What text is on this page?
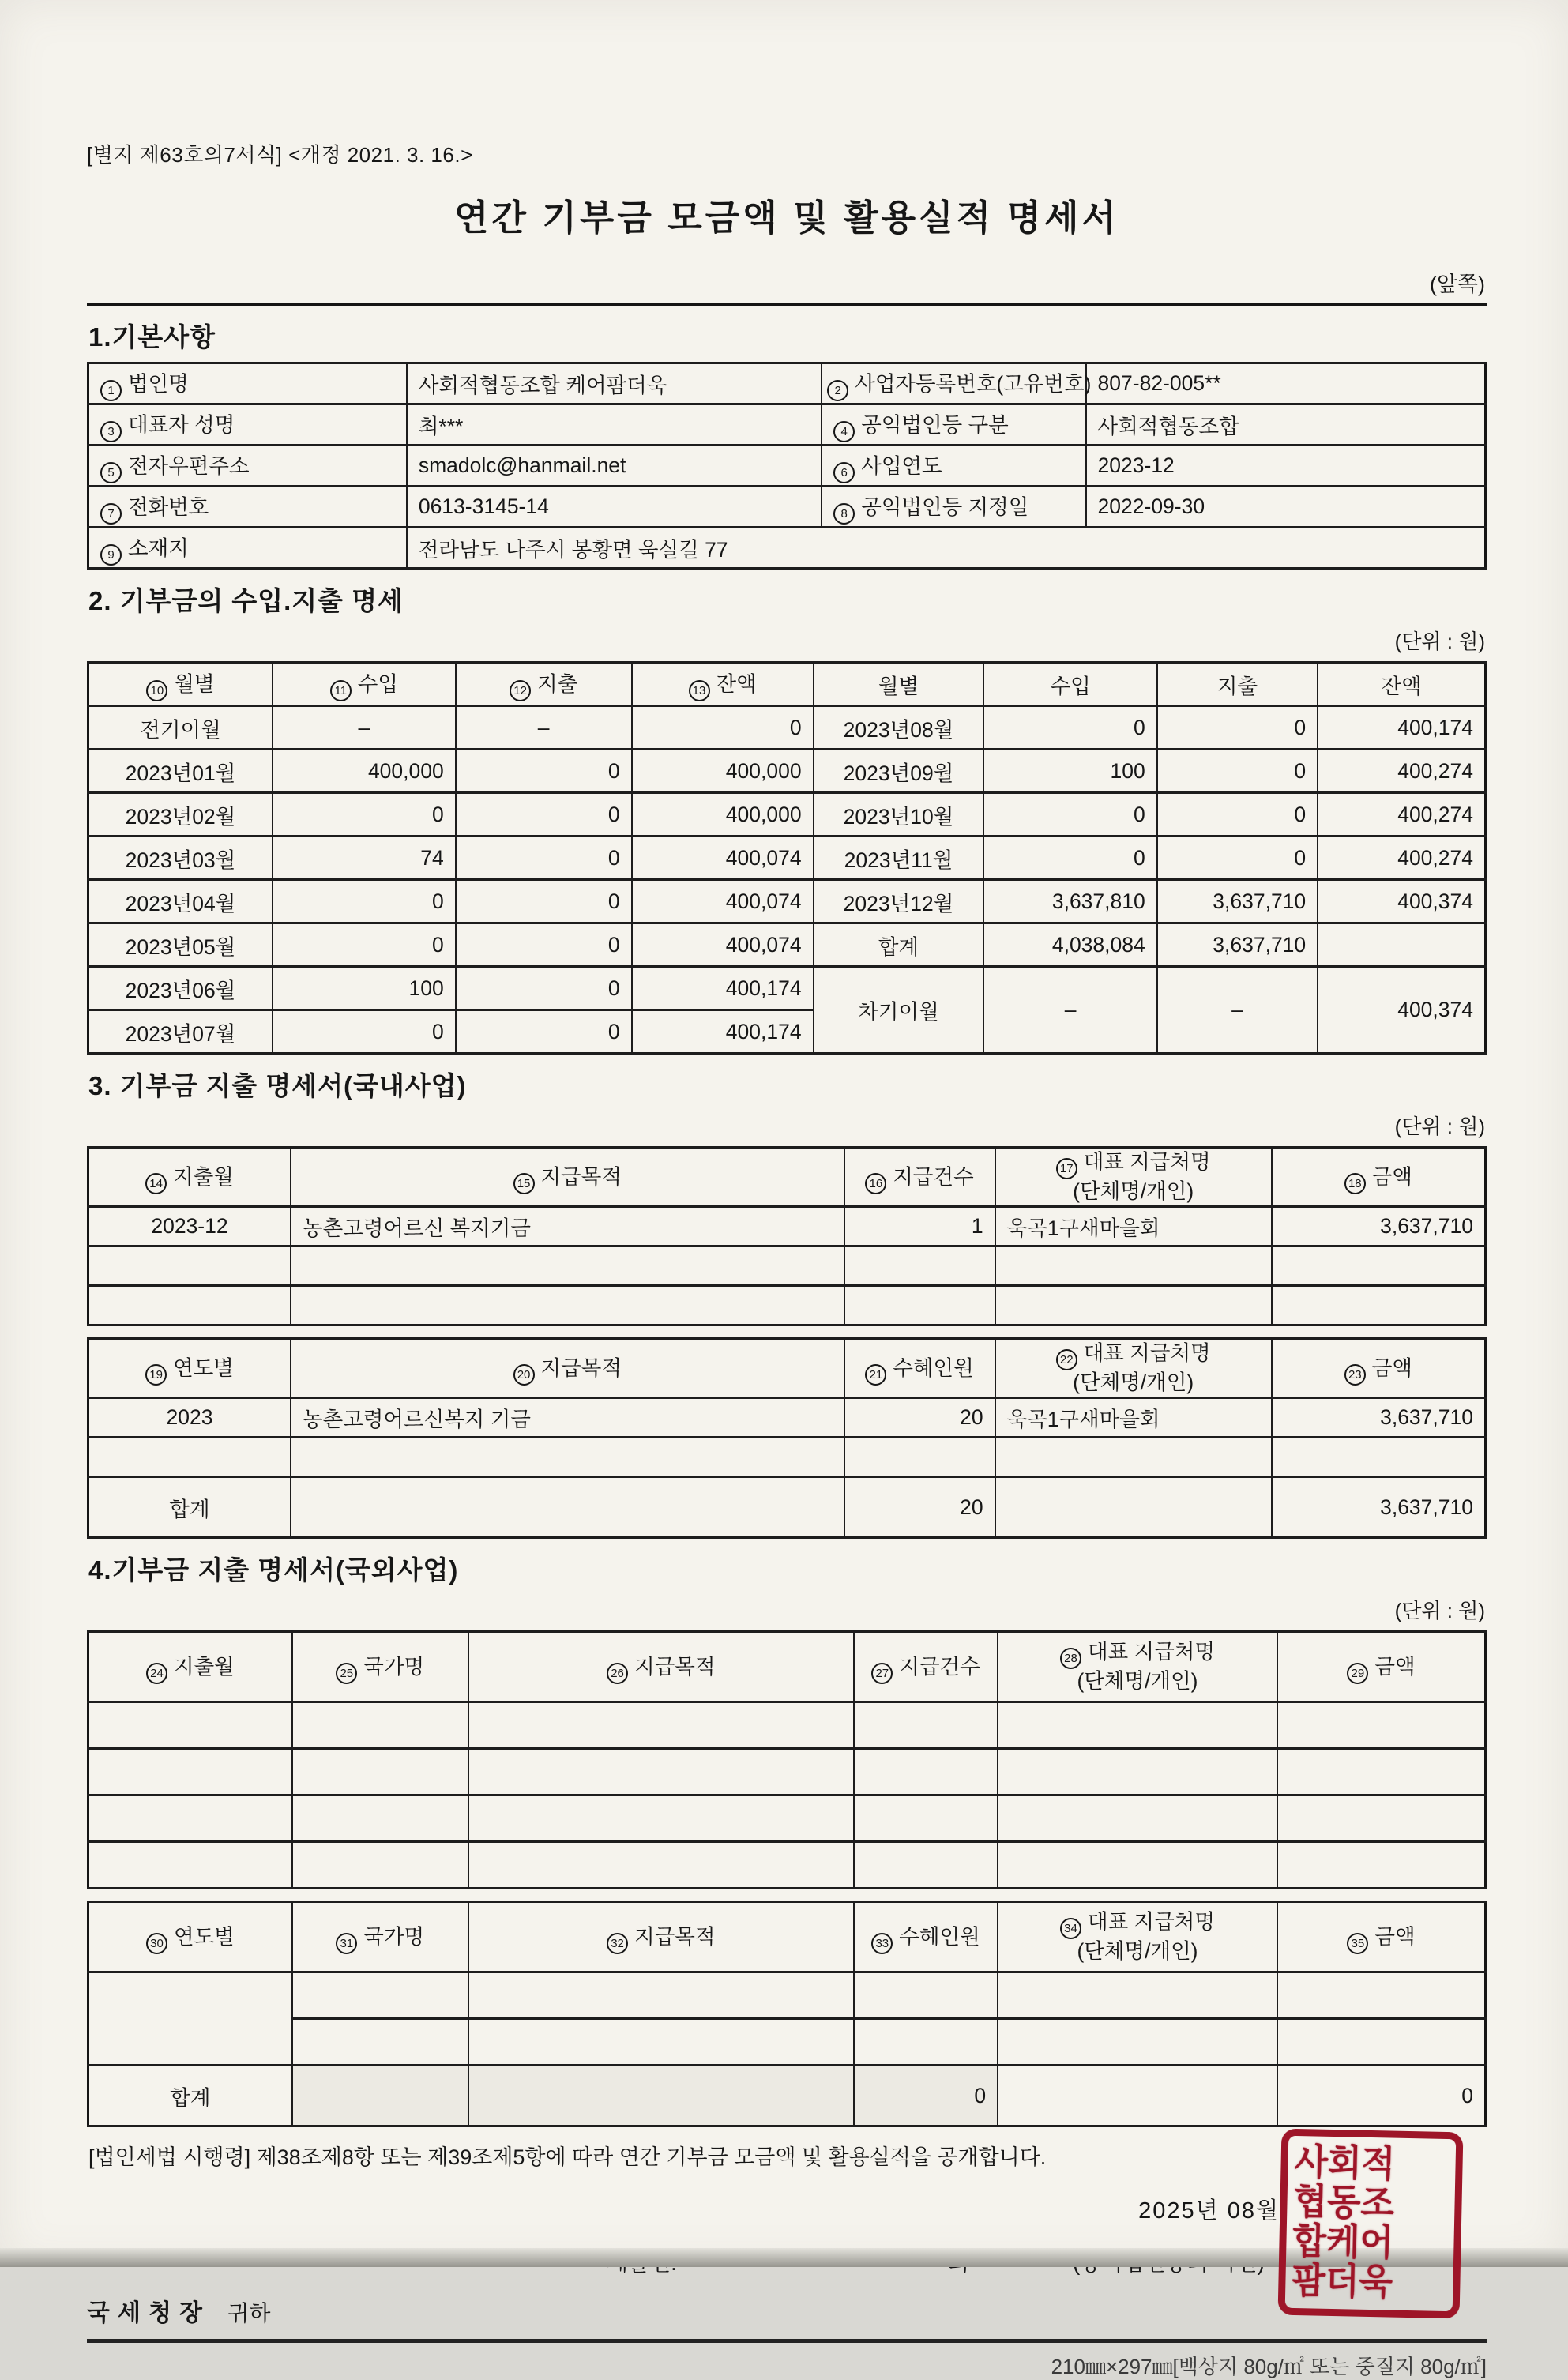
[별지 제63호의7서식] <개정 2021. 3. 16.>
연간 기부금 모금액 및 활용실적 명세서
(앞쪽)
1.기본사항
1 법인명	사회적협동조합 케어팜더욱	2 사업자등록번호(고유번호)	807-82-005**
3 대표자 성명	최***	4 공익법인등 구분	사회적협동조합
5 전자우편주소	smadolc@hanmail.net	6 사업연도	2023-12
7 전화번호	0613-3145-14	8 공익법인등 지정일	2022-09-30
9 소재지	전라남도 나주시 봉황면 욱실길 77		
2. 기부금의 수입.지출 명세
(단위 : 원)
10 월별	11 수입	12 지출	13 잔액	월별	수입	지출	잔액
전기이월	–	–	0	2023년08월	0	0	400,174
2023년01월	400,000	0	400,000	2023년09월	100	0	400,274
2023년02월	0	0	400,000	2023년10월	0	0	400,274
2023년03월	74	0	400,074	2023년11월	0	0	400,274
2023년04월	0	0	400,074	2023년12월	3,637,810	3,637,710	400,374
2023년05월	0	0	400,074	합계	4,038,084	3,637,710	
2023년06월	100	0	400,174	차기이월	–	–	400,374
2023년07월	0	0	400,174				
3. 기부금 지출 명세서(국내사업)
(단위 : 원)
14 지출월	15 지급목적	16 지급건수	17 대표 지급처명
(단체명/개인)	18 금액
2023-12	농촌고령어르신 복지기금	1	욱곡1구새마을회	3,637,710

19 연도별	20 지급목적	21 수혜인원	22 대표 지급처명
(단체명/개인)	23 금액
2023	농촌고령어르신복지 기금	20	욱곡1구새마을회	3,637,710

합계		20		3,637,710
4.기부금 지출 명세서(국외사업)
(단위 : 원)
24 지출월	25 국가명	26 지급목적	27 지급건수	28 대표 지급처명
(단체명/개인)	29 금액

30 연도별	31 국가명	32 지급목적	33 수혜인원	34 대표 지급처명
(단체명/개인)	35 금액

합계			0		0
[법인세법 시행령] 제38조제8항 또는 제39조제5항에 따라 연간 기부금 모금액 및 활용실적을 공개합니다.
2025년 08월
국세청장 귀하
210㎜×297㎜[백상지 80g/㎡ 또는 중질지 80g/㎡]
사회적
협동조
합케어
팜더욱
